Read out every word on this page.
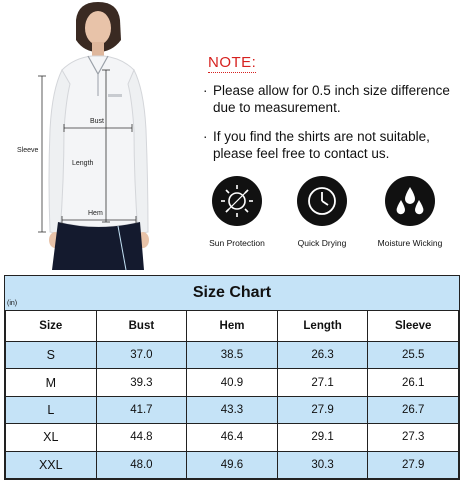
Sleeve
Bust
Length
Hem
NOTE:
· Please allow for 0.5 inch size difference
due to measurement.
· If you find the shirts are not suitable,
please feel free to contact us.
Sun Protection	Quick Drying	Moisture Wicking
Size Chart
(in)
Size	Bust	Hem	Length	Sleeve
S	37.0	38.5	26.3	25.5
M	39.3	40.9	27.1	26.1
L	41.7	43.3	27.9	26.7
XL	44.8	46.4	29.1	27.3
XXL	48.0	49.6	30.3	27.9
